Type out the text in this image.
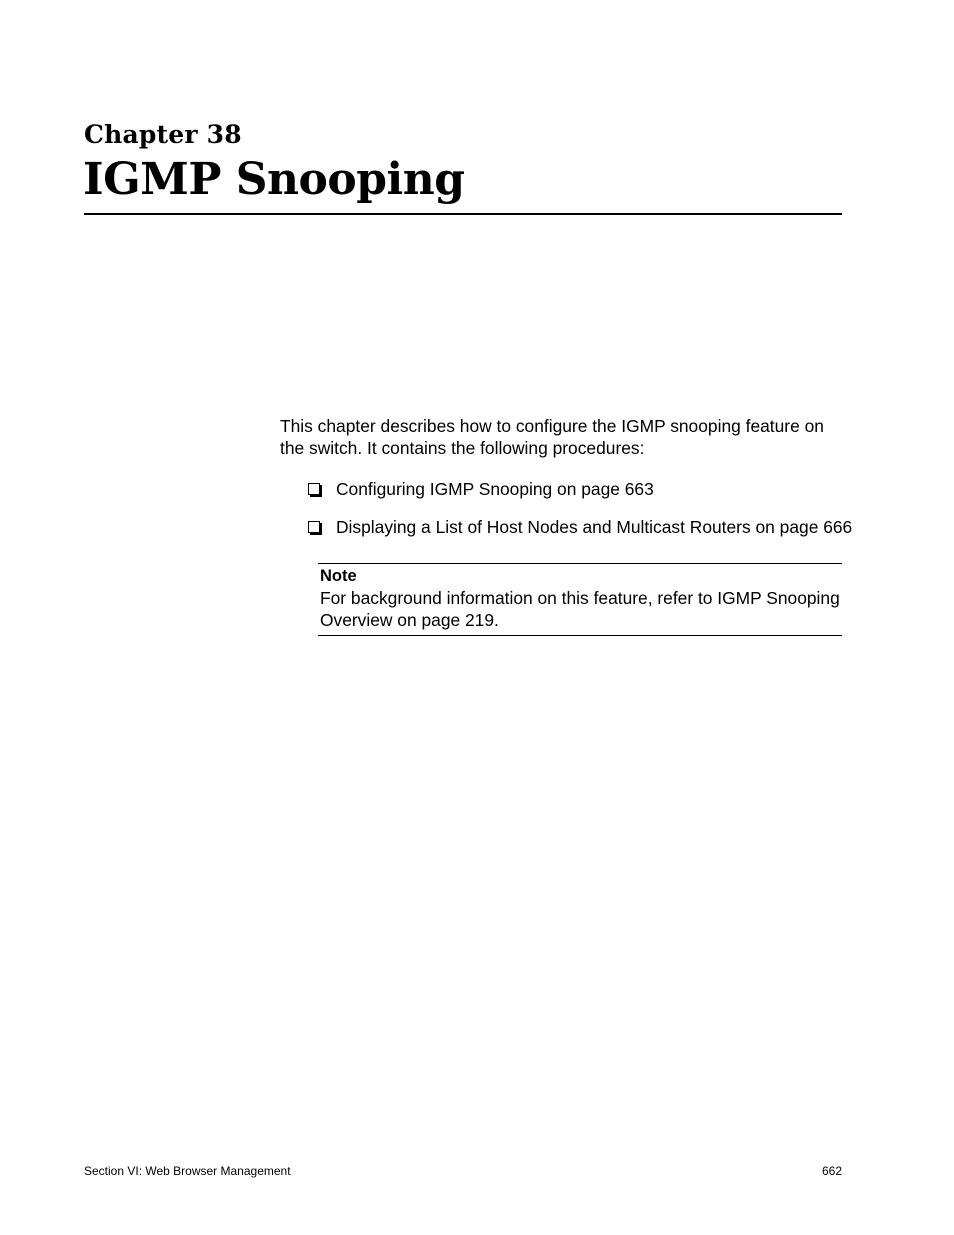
Chapter 38
IGMP Snooping

This chapter describes how to configure the IGMP snooping feature on the switch. It contains the following procedures:

Configuring IGMP Snooping on page 663
Displaying a List of Host Nodes and Multicast Routers on page 666
Note
For background information on this feature, refer to IGMP Snooping Overview on page 219.
Section VI: Web Browser Management	662
